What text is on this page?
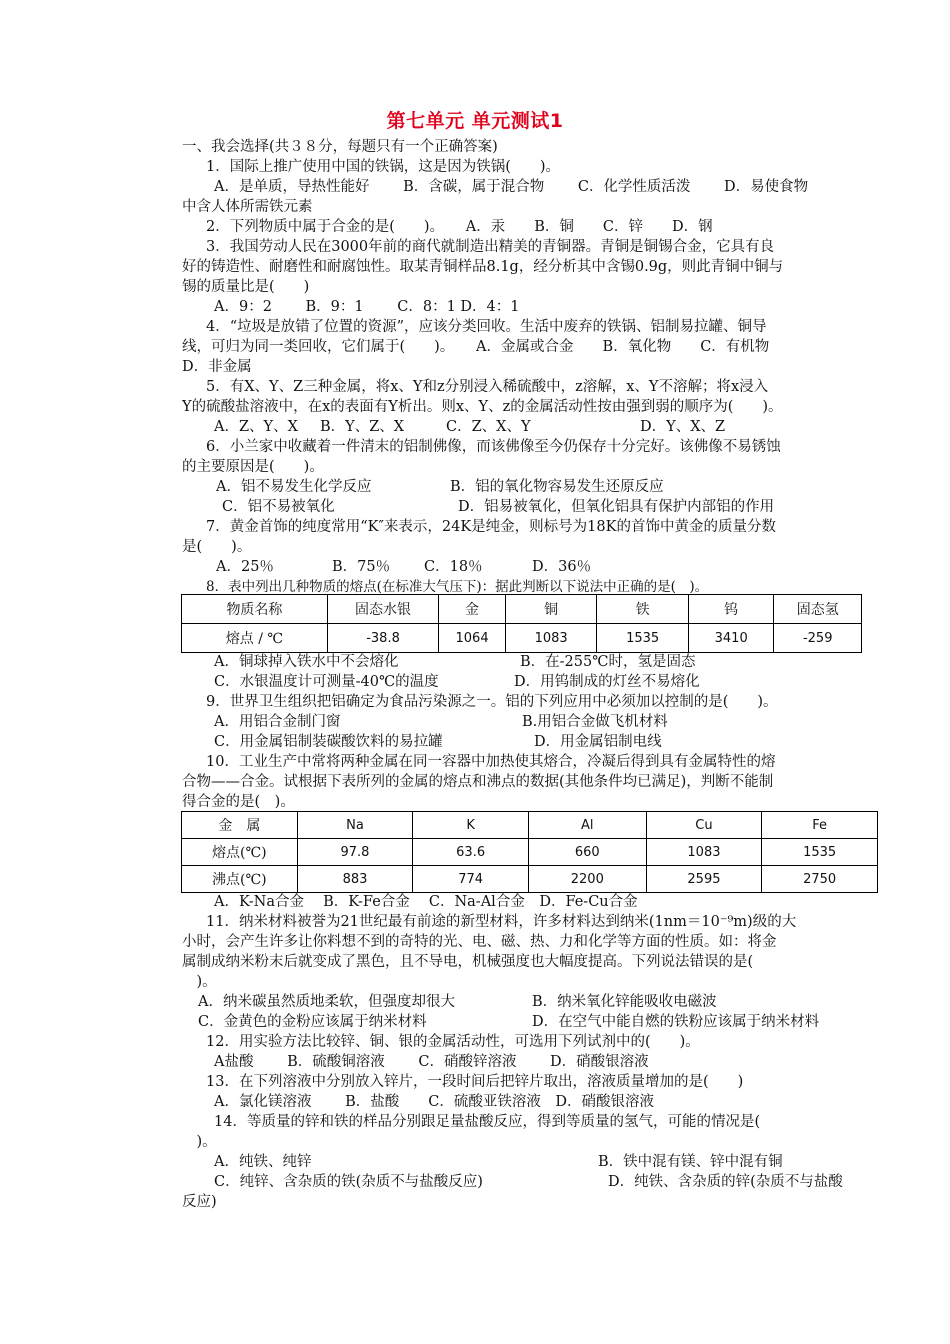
第七单元 单元测试1
一、我会选择(共３８分，每题只有一个正确答案)
1．国际上推广使用中国的铁锅，这是因为铁锅(　　)。
A．是单质，导热性能好　　 B．含碳，属于混合物　　 C．化学性质活泼　　 D．易使食物
中含人体所需铁元素
2．下列物质中属于合金的是(　　)。　　A．汞　　B．铜　　C．锌　　D．钢
3．我国劳动人民在3000年前的商代就制造出精美的青铜器。青铜是铜锡合金，它具有良
好的铸造性、耐磨性和耐腐蚀性。取某青铜样品8.1g，经分析其中含锡0.9g，则此青铜中铜与
锡的质量比是(　　)
A．9：2　　 B．9：1　　 C．8：1 D．4：1
4．“垃圾是放错了位置的资源”，应该分类回收。生活中废弃的铁锅、铝制易拉罐、铜导
线，可归为同一类回收，它们属于(　　)。　　A．金属或合金　　B．氧化物　　C．有机物
D．非金属
5．有X、Y、Z三种金属，将x、Y和z分别浸入稀硫酸中，z溶解，x、Y不溶解；将x浸入
Y的硫酸盐溶液中，在x的表面有Y析出。则x、Y、z的金属活动性按由强到弱的顺序为(　　)。
A．Z、Y、X B．Y、Z、X	C．Z、X、Y	D．Y、X、Z
6．小兰家中收藏着一件清末的铝制佛像，而该佛像至今仍保存十分完好。该佛像不易锈蚀
的主要原因是(　　)。
A．铝不易发生化学反应	B．铝的氧化物容易发生还原反应
C．铝不易被氧化	D．铝易被氧化，但氧化铝具有保护内部铝的作用
7．黄金首饰的纯度常用“K″来表示，24K是纯金，则标号为18K的首饰中黄金的质量分数
是(　　)。
A．25％	B．75％ C．18％	D．36％
8．表中列出几种物质的熔点(在标准大气压下)：据此判断以下说法中正确的是(　)。
物质名称	固态水银	金	铜	铁	钨	固态氢
熔点 / ℃	-38.8	1064	1083	1535	3410	-259
A．铜球掉入铁水中不会熔化	B．在-255℃时，氢是固态
C．水银温度计可测量-40℃的温度	D．用钨制成的灯丝不易熔化
9．世界卫生组织把铝确定为食品污染源之一。铝的下列应用中必须加以控制的是(　　)。
A．用铝合金制门窗	B.用铝合金做飞机材料
C．用金属铝制装碳酸饮料的易拉罐	D．用金属铝制电线
10．工业生产中常将两种金属在同一容器中加热使其熔合，冷凝后得到具有金属特性的熔
合物——合金。试根据下表所列的金属的熔点和沸点的数据(其他条件均已满足)，判断不能制
得合金的是(　)。
金　属	Na	K	Al	Cu	Fe
熔点(℃)	97.8	63.6	660	1083	1535
沸点(℃)	883	774	2200	2595	2750
A．K-Na合金　 B．K-Fe合金　 C．Na-Al合金　D．Fe-Cu合金
11．纳米材料被誉为21世纪最有前途的新型材料，许多材料达到纳米(1nm＝10⁻⁹m)级的大
小时，会产生许多让你料想不到的奇特的光、电、磁、热、力和化学等方面的性质。如：将金
属制成纳米粉末后就变成了黑色，且不导电，机械强度也大幅度提高。下列说法错误的是(
　)。
A．纳米碳虽然质地柔软，但强度却很大	B．纳米氧化锌能吸收电磁波
C．金黄色的金粉应该属于纳米材料	D．在空气中能自燃的铁粉应该属于纳米材料
12．用实验方法比较锌、铜、银的金属活动性，可选用下列试剂中的(　　)。
A盐酸　　 B．硫酸铜溶液　　 C．硝酸锌溶液　　 D．硝酸银溶液
13．在下列溶液中分别放入锌片，一段时间后把锌片取出，溶液质量增加的是(　　)
A．氯化镁溶液　　 B．盐酸　　C．硫酸亚铁溶液　D．硝酸银溶液
14．等质量的锌和铁的样品分别跟足量盐酸反应，得到等质量的氢气，可能的情况是(
　)。
A．纯铁、纯锌	B．铁中混有镁、锌中混有铜
C．纯锌、含杂质的铁(杂质不与盐酸反应)	D．纯铁、含杂质的锌(杂质不与盐酸
反应)
